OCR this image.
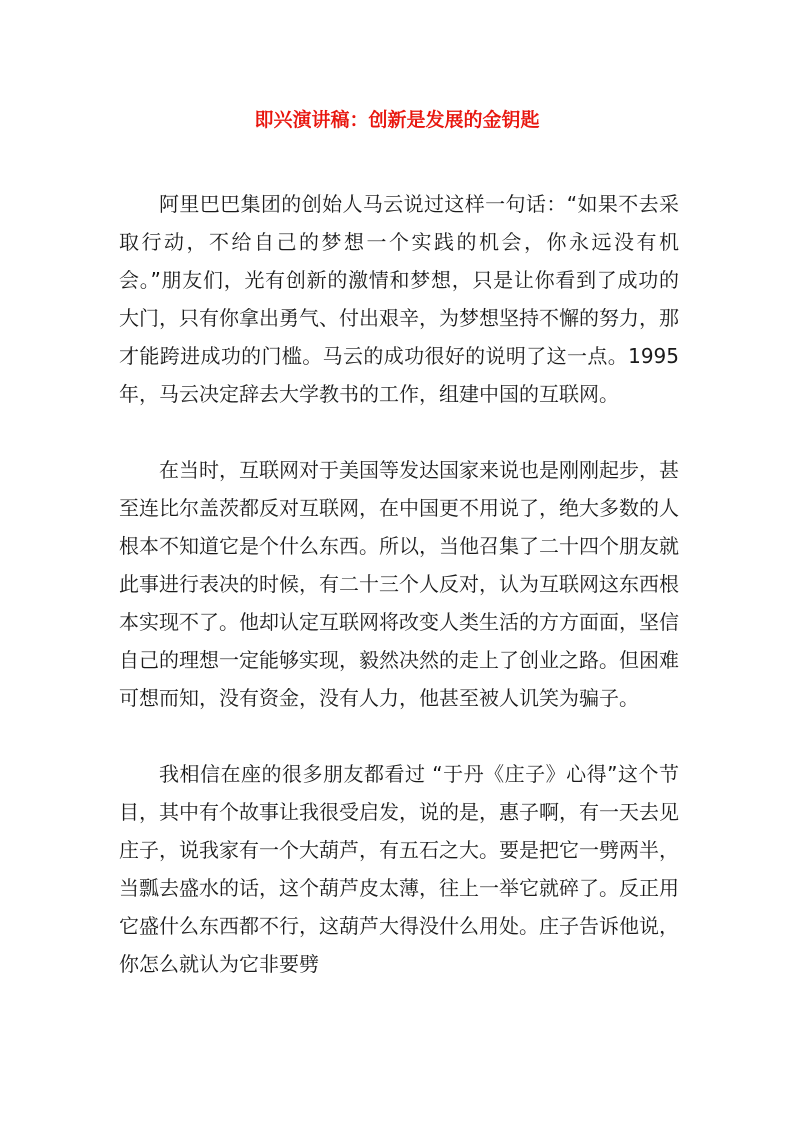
即兴演讲稿：创新是发展的金钥匙

阿里巴巴集团的创始人马云说过这样一句话：“如果不去采取行动，不给自己的梦想一个实践的机会，你永远没有机会。”朋友们，光有创新的激情和梦想，只是让你看到了成功的大门，只有你拿出勇气、付出艰辛，为梦想坚持不懈的努力，那才能跨进成功的门槛。马云的成功很好的说明了这一点。1995年，马云决定辞去大学教书的工作，组建中国的互联网。

在当时，互联网对于美国等发达国家来说也是刚刚起步，甚至连比尔盖茨都反对互联网，在中国更不用说了，绝大多数的人根本不知道它是个什么东西。所以，当他召集了二十四个朋友就此事进行表决的时候，有二十三个人反对，认为互联网这东西根本实现不了。他却认定互联网将改变人类生活的方方面面，坚信自己的理想一定能够实现，毅然决然的走上了创业之路。但困难可想而知，没有资金，没有人力，他甚至被人讥笑为骗子。

我相信在座的很多朋友都看过 “于丹《庄子》心得”这个节目，其中有个故事让我很受启发，说的是，惠子啊，有一天去见庄子，说我家有一个大葫芦，有五石之大。要是把它一劈两半，当瓢去盛水的话，这个葫芦皮太薄，往上一举它就碎了。反正用它盛什么东西都不行，这葫芦大得没什么用处。庄子告诉他说，你怎么就认为它非要劈
